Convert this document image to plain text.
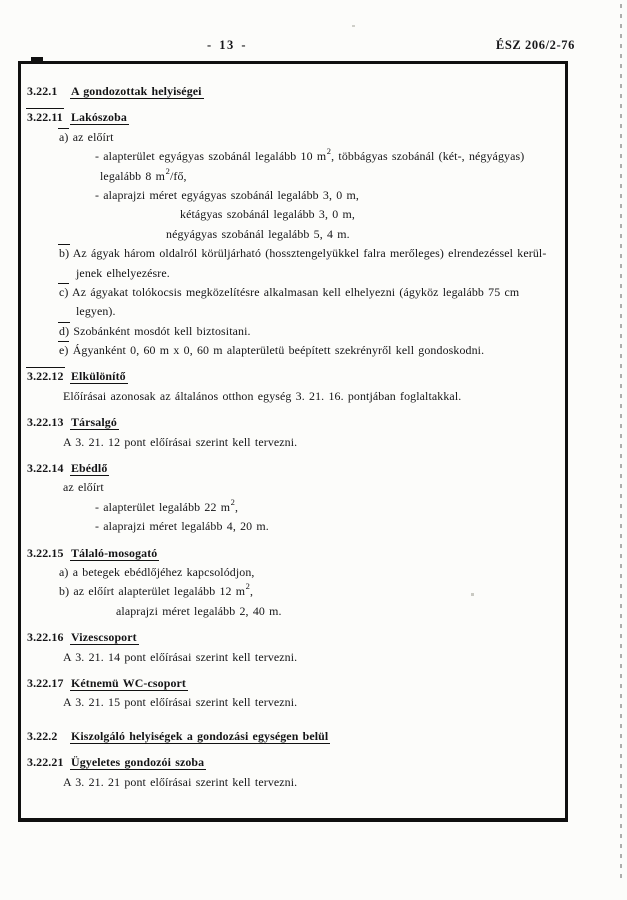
- 13 -	ÉSZ 206/2-76
3.22.1 A gondozottak helyiségei
3.22.11 Lakószoba
a) az előírt
- alapterület egyágyas szobánál legalább 10 $m^2$, többágyas szobánál (két-, négyágyas)
legalább 8 $m^2/fő$,
- alaprajzi méret egyágyas szobánál legalább 3, 0 m,
kétágyas szobánál legalább 3, 0 m,
négyágyas szobánál legalább 5, 4 m.
b) Az ágyak három oldalról körüljárható (hossztengelyükkel falra merőleges) elrendezéssel kerül-
jenek elhelyezésre.
c) Az ágyakat tolókocsis megközelítésre alkalmasan kell elhelyezni (ágyköz legalább 75 cm
legyen).
d) Szobánként mosdót kell biztositani.
e) Ágyanként 0, 60 m x 0, 60 m alapterületü beépített szekrényről kell gondoskodni.
3.22.12 Elkülönítő
Előírásai azonosak az általános otthon egység 3. 21. 16. pontjában foglaltakkal.
3.22.13 Társalgó
A 3. 21. 12 pont előírásai szerint kell tervezni.
3.22.14 Ebédlő
az előírt
- alapterület legalább 22 $m^2$,
- alaprajzi méret legalább 4, 20 m.
3.22.15 Tálaló-mosogató
a) a betegek ebédlőjéhez kapcsolódjon,
b) az előírt alapterület legalább 12 $m^2$,
alaprajzi méret legalább 2, 40 m.
3.22.16 Vizescsoport
A 3. 21. 14 pont előírásai szerint kell tervezni.
3.22.17 Kétnemü WC-csoport
A 3. 21. 15 pont előírásai szerint kell tervezni.
3.22.2 Kiszolgáló helyiségek a gondozási egységen belül
3.22.21 Ügyeletes gondozói szoba
A 3. 21. 21 pont előírásai szerint kell tervezni.
